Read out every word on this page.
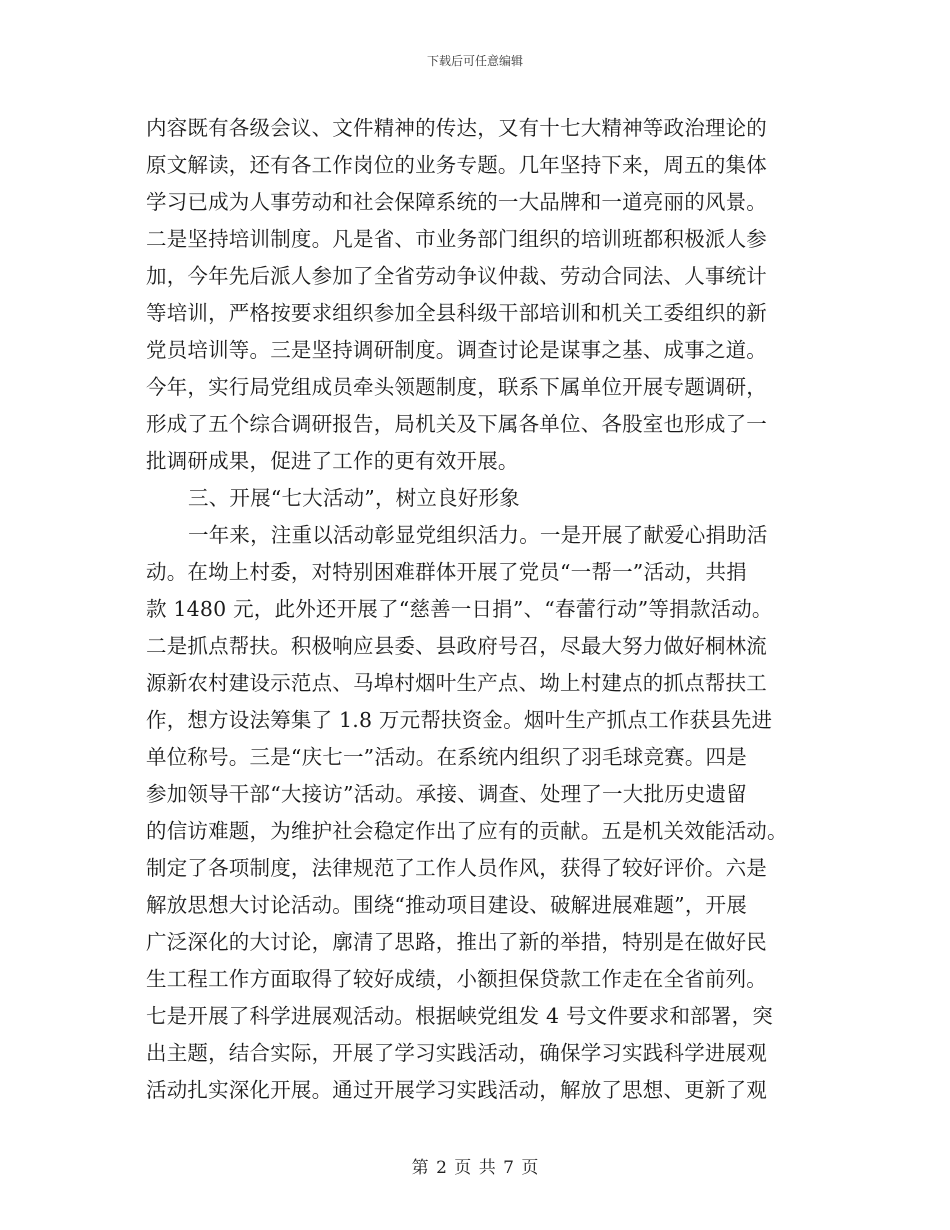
下载后可任意编辑
内容既有各级会议、文件精神的传达，又有十七大精神等政治理论的
原文解读，还有各工作岗位的业务专题。几年坚持下来，周五的集体
学习已成为人事劳动和社会保障系统的一大品牌和一道亮丽的风景。
二是坚持培训制度。凡是省、市业务部门组织的培训班都积极派人参
加，今年先后派人参加了全省劳动争议仲裁、劳动合同法、人事统计
等培训，严格按要求组织参加全县科级干部培训和机关工委组织的新
党员培训等。三是坚持调研制度。调查讨论是谋事之基、成事之道。
今年，实行局党组成员牵头领题制度，联系下属单位开展专题调研，
形成了五个综合调研报告，局机关及下属各单位、各股室也形成了一
批调研成果，促进了工作的更有效开展。
三、开展“七大活动”，树立良好形象
一年来，注重以活动彰显党组织活力。一是开展了献爱心捐助活
动。在坳上村委，对特别困难群体开展了党员“一帮一”活动，共捐
款 1480 元，此外还开展了“慈善一日捐”、“春蕾行动”等捐款活动。
二是抓点帮扶。积极响应县委、县政府号召，尽最大努力做好桐林流
源新农村建设示范点、马埠村烟叶生产点、坳上村建点的抓点帮扶工
作，想方设法筹集了 1.8 万元帮扶资金。烟叶生产抓点工作获县先进
单位称号。三是“庆七一”活动。在系统内组织了羽毛球竞赛。四是
参加领导干部“大接访”活动。承接、调查、处理了一大批历史遗留
的信访难题，为维护社会稳定作出了应有的贡献。五是机关效能活动。
制定了各项制度，法律规范了工作人员作风，获得了较好评价。六是
解放思想大讨论活动。围绕“推动项目建设、破解进展难题”，开展
广泛深化的大讨论，廓清了思路，推出了新的举措，特别是在做好民
生工程工作方面取得了较好成绩，小额担保贷款工作走在全省前列。
七是开展了科学进展观活动。根据峡党组发 4 号文件要求和部署，突
出主题，结合实际，开展了学习实践活动，确保学习实践科学进展观
活动扎实深化开展。通过开展学习实践活动，解放了思想、更新了观
第 2 页 共 7 页
